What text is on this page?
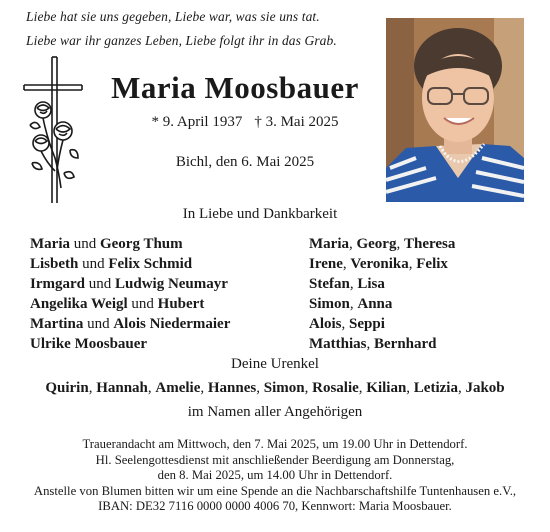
Liebe hat sie uns gegeben, Liebe war, was sie uns tat.
Liebe war ihr ganzes Leben, Liebe folgt ihr in das Grab.
Maria Moosbauer
* 9. April 1937 † 3. Mai 2025
Bichl, den 6. Mai 2025
In Liebe und Dankbarkeit
Maria und Georg Thum
Lisbeth und Felix Schmid
Irmgard und Ludwig Neumayr
Angelika Weigl und Hubert
Martina und Alois Niedermaier
Ulrike Moosbauer
Maria, Georg, Theresa
Irene, Veronika, Felix
Stefan, Lisa
Simon, Anna
Alois, Seppi
Matthias, Bernhard
Deine Urenkel
Quirin, Hannah, Amelie, Hannes, Simon, Rosalie, Kilian, Letizia, Jakob
im Namen aller Angehörigen
Trauerandacht am Mittwoch, den 7. Mai 2025, um 19.00 Uhr in Dettendorf.
Hl. Seelengottesdienst mit anschließender Beerdigung am Donnerstag,
den 8. Mai 2025, um 14.00 Uhr in Dettendorf.
Anstelle von Blumen bitten wir um eine Spende an die Nachbarschaftshilfe Tuntenhausen e.V.,
IBAN: DE32 7116 0000 0000 4006 70, Kennwort: Maria Moosbauer.
